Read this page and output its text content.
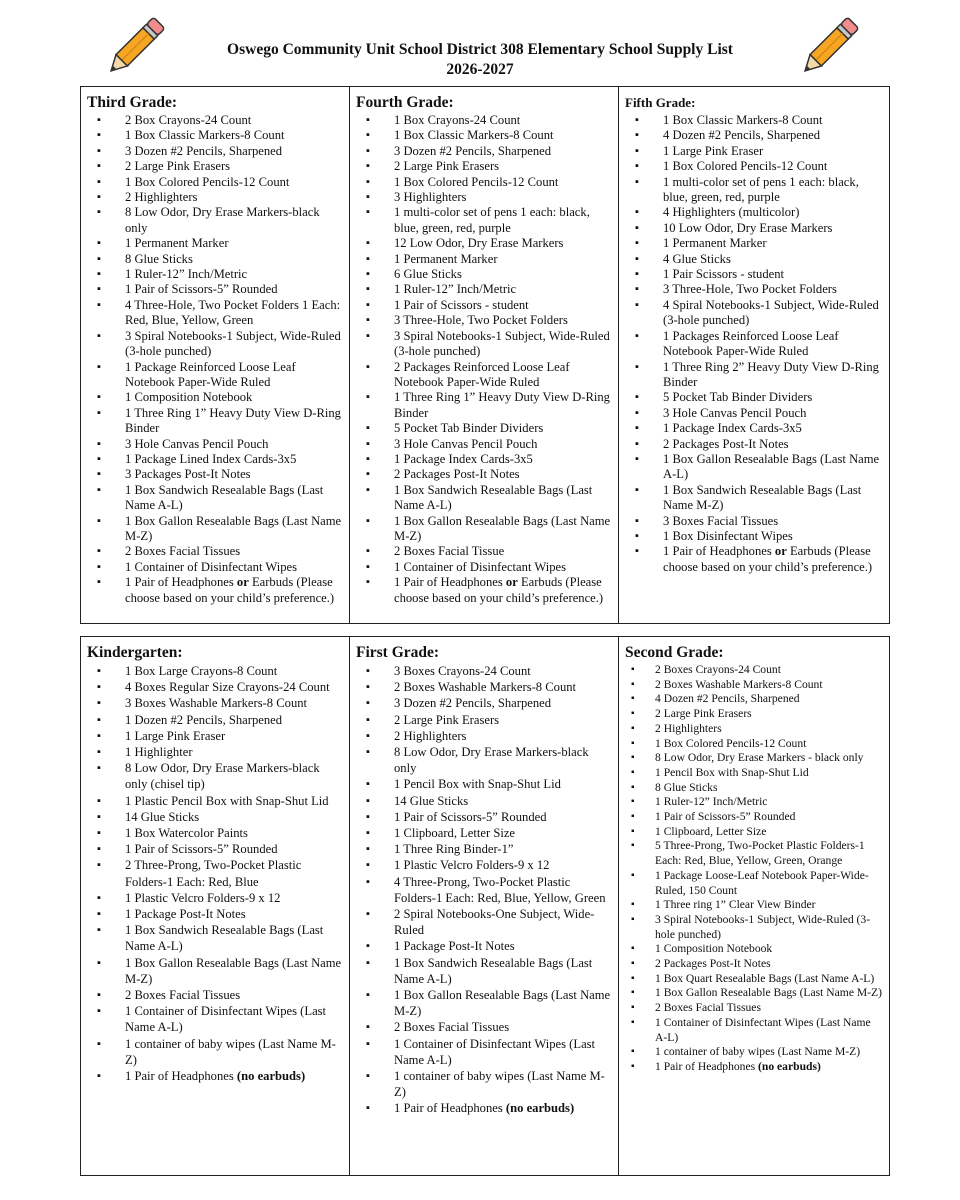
Oswego Community Unit School District 308 Elementary School Supply List
2026-2027
Third Grade:
▪ 2 Box Crayons-24 Count
▪ 1 Box Classic Markers-8 Count
▪ 3 Dozen #2 Pencils, Sharpened
▪ 2 Large Pink Erasers
▪ 1 Box Colored Pencils-12 Count
▪ 2 Highlighters
▪ 8 Low Odor, Dry Erase Markers-black only
▪ 1 Permanent Marker
▪ 8 Glue Sticks
▪ 1 Ruler-12” Inch/Metric
▪ 1 Pair of Scissors-5” Rounded
▪ 4 Three-Hole, Two Pocket Folders 1 Each: Red, Blue, Yellow, Green
▪ 3 Spiral Notebooks-1 Subject, Wide-Ruled (3-hole punched)
▪ 1 Package Reinforced Loose Leaf Notebook Paper-Wide Ruled
▪ 1 Composition Notebook
▪ 1 Three Ring 1” Heavy Duty View D-Ring Binder
▪ 3 Hole Canvas Pencil Pouch
▪ 1 Package Lined Index Cards-3x5
▪ 3 Packages Post-It Notes
▪ 1 Box Sandwich Resealable Bags (Last Name A-L)
▪ 1 Box Gallon Resealable Bags (Last Name M-Z)
▪ 2 Boxes Facial Tissues
▪ 1 Container of Disinfectant Wipes
▪ 1 Pair of Headphones or Earbuds (Please choose based on your child’s preference.)
Fourth Grade:
▪ 1 Box Crayons-24 Count
▪ 1 Box Classic Markers-8 Count
▪ 3 Dozen #2 Pencils, Sharpened
▪ 2 Large Pink Erasers
▪ 1 Box Colored Pencils-12 Count
▪ 3 Highlighters
▪ 1 multi-color set of pens 1 each: black, blue, green, red, purple
▪ 12 Low Odor, Dry Erase Markers
▪ 1 Permanent Marker
▪ 6 Glue Sticks
▪ 1 Ruler-12” Inch/Metric
▪ 1 Pair of Scissors - student
▪ 3 Three-Hole, Two Pocket Folders
▪ 3 Spiral Notebooks-1 Subject, Wide-Ruled (3-hole punched)
▪ 2 Packages Reinforced Loose Leaf Notebook Paper-Wide Ruled
▪ 1 Three Ring 1” Heavy Duty View D-Ring Binder
▪ 5 Pocket Tab Binder Dividers
▪ 3 Hole Canvas Pencil Pouch
▪ 1 Package Index Cards-3x5
▪ 2 Packages Post-It Notes
▪ 1 Box Sandwich Resealable Bags (Last Name A-L)
▪ 1 Box Gallon Resealable Bags (Last Name M-Z)
▪ 2 Boxes Facial Tissue
▪ 1 Container of Disinfectant Wipes
▪ 1 Pair of Headphones or Earbuds (Please choose based on your child’s preference.)
Fifth Grade:
▪ 1 Box Classic Markers-8 Count
▪ 4 Dozen #2 Pencils, Sharpened
▪ 1 Large Pink Eraser
▪ 1 Box Colored Pencils-12 Count
▪ 1 multi-color set of pens 1 each: black, blue, green, red, purple
▪ 4 Highlighters (multicolor)
▪ 10 Low Odor, Dry Erase Markers
▪ 1 Permanent Marker
▪ 4 Glue Sticks
▪ 1 Pair Scissors - student
▪ 3 Three-Hole, Two Pocket Folders
▪ 4 Spiral Notebooks-1 Subject, Wide-Ruled (3-hole punched)
▪ 1 Packages Reinforced Loose Leaf Notebook Paper-Wide Ruled
▪ 1 Three Ring 2” Heavy Duty View D-Ring Binder
▪ 5 Pocket Tab Binder Dividers
▪ 3 Hole Canvas Pencil Pouch
▪ 1 Package Index Cards-3x5
▪ 2 Packages Post-It Notes
▪ 1 Box Gallon Resealable Bags (Last Name A-L)
▪ 1 Box Sandwich Resealable Bags (Last Name M-Z)
▪ 3 Boxes Facial Tissues
▪ 1 Box Disinfectant Wipes
▪ 1 Pair of Headphones or Earbuds (Please choose based on your child’s preference.)
Kindergarten:
▪ 1 Box Large Crayons-8 Count
▪ 4 Boxes Regular Size Crayons-24 Count
▪ 3 Boxes Washable Markers-8 Count
▪ 1 Dozen #2 Pencils, Sharpened
▪ 1 Large Pink Eraser
▪ 1 Highlighter
▪ 8 Low Odor, Dry Erase Markers-black only (chisel tip)
▪ 1 Plastic Pencil Box with Snap-Shut Lid
▪ 14 Glue Sticks
▪ 1 Box Watercolor Paints
▪ 1 Pair of Scissors-5” Rounded
▪ 2 Three-Prong, Two-Pocket Plastic Folders-1 Each: Red, Blue
▪ 1 Plastic Velcro Folders-9 x 12
▪ 1 Package Post-It Notes
▪ 1 Box Sandwich Resealable Bags (Last Name A-L)
▪ 1 Box Gallon Resealable Bags (Last Name M-Z)
▪ 2 Boxes Facial Tissues
▪ 1 Container of Disinfectant Wipes (Last Name A-L)
▪ 1 container of baby wipes (Last Name M-Z)
▪ 1 Pair of Headphones (no earbuds)
First Grade:
▪ 3 Boxes Crayons-24 Count
▪ 2 Boxes Washable Markers-8 Count
▪ 3 Dozen #2 Pencils, Sharpened
▪ 2 Large Pink Erasers
▪ 2 Highlighters
▪ 8 Low Odor, Dry Erase Markers-black only
▪ 1 Pencil Box with Snap-Shut Lid
▪ 14 Glue Sticks
▪ 1 Pair of Scissors-5” Rounded
▪ 1 Clipboard, Letter Size
▪ 1 Three Ring Binder-1”
▪ 1 Plastic Velcro Folders-9 x 12
▪ 4 Three-Prong, Two-Pocket Plastic Folders-1 Each: Red, Blue, Yellow, Green
▪ 2 Spiral Notebooks-One Subject, Wide-Ruled
▪ 1 Package Post-It Notes
▪ 1 Box Sandwich Resealable Bags (Last Name A-L)
▪ 1 Box Gallon Resealable Bags (Last Name M-Z)
▪ 2 Boxes Facial Tissues
▪ 1 Container of Disinfectant Wipes (Last Name A-L)
▪ 1 container of baby wipes (Last Name M-Z)
▪ 1 Pair of Headphones (no earbuds)
Second Grade:
▪ 2 Boxes Crayons-24 Count
▪ 2 Boxes Washable Markers-8 Count
▪ 4 Dozen #2 Pencils, Sharpened
▪ 2 Large Pink Erasers
▪ 2 Highlighters
▪ 1 Box Colored Pencils-12 Count
▪ 8 Low Odor, Dry Erase Markers - black only
▪ 1 Pencil Box with Snap-Shut Lid
▪ 8 Glue Sticks
▪ 1 Ruler-12” Inch/Metric
▪ 1 Pair of Scissors-5” Rounded
▪ 1 Clipboard, Letter Size
▪ 5 Three-Prong, Two-Pocket Plastic Folders-1 Each: Red, Blue, Yellow, Green, Orange
▪ 1 Package Loose-Leaf Notebook Paper-Wide-Ruled, 150 Count
▪ 1 Three ring 1” Clear View Binder
▪ 3 Spiral Notebooks-1 Subject, Wide-Ruled (3-hole punched)
▪ 1 Composition Notebook
▪ 2 Packages Post-It Notes
▪ 1 Box Quart Resealable Bags (Last Name A-L)
▪ 1 Box Gallon Resealable Bags (Last Name M-Z)
▪ 2 Boxes Facial Tissues
▪ 1 Container of Disinfectant Wipes (Last Name A-L)
▪ 1 container of baby wipes (Last Name M-Z)
▪ 1 Pair of Headphones (no earbuds)
